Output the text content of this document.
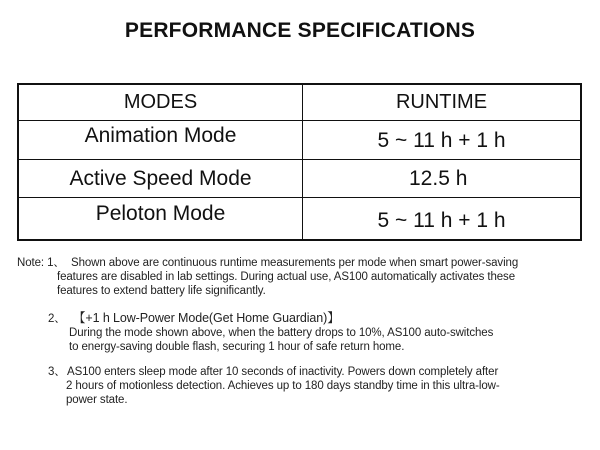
PERFORMANCE SPECIFICATIONS
MODES	RUNTIME
Animation Mode	5 ~ 11 h + 1 h
Active Speed Mode	12.5 h
Peloton Mode	5 ~ 11 h + 1 h
Note: 1、 Shown above are continuous runtime measurements per mode when smart power-saving
features are disabled in lab settings. During actual use, AS100 automatically activates these
features to extend battery life significantly.
2、 【+1 h Low-Power Mode(Get Home Guardian)】
During the mode shown above, when the battery drops to 10%, AS100 auto-switches
to energy-saving double flash, securing 1 hour of safe return home.
3、 AS100 enters sleep mode after 10 seconds of inactivity. Powers down completely after
2 hours of motionless detection. Achieves up to 180 days standby time in this ultra-low-
power state.
